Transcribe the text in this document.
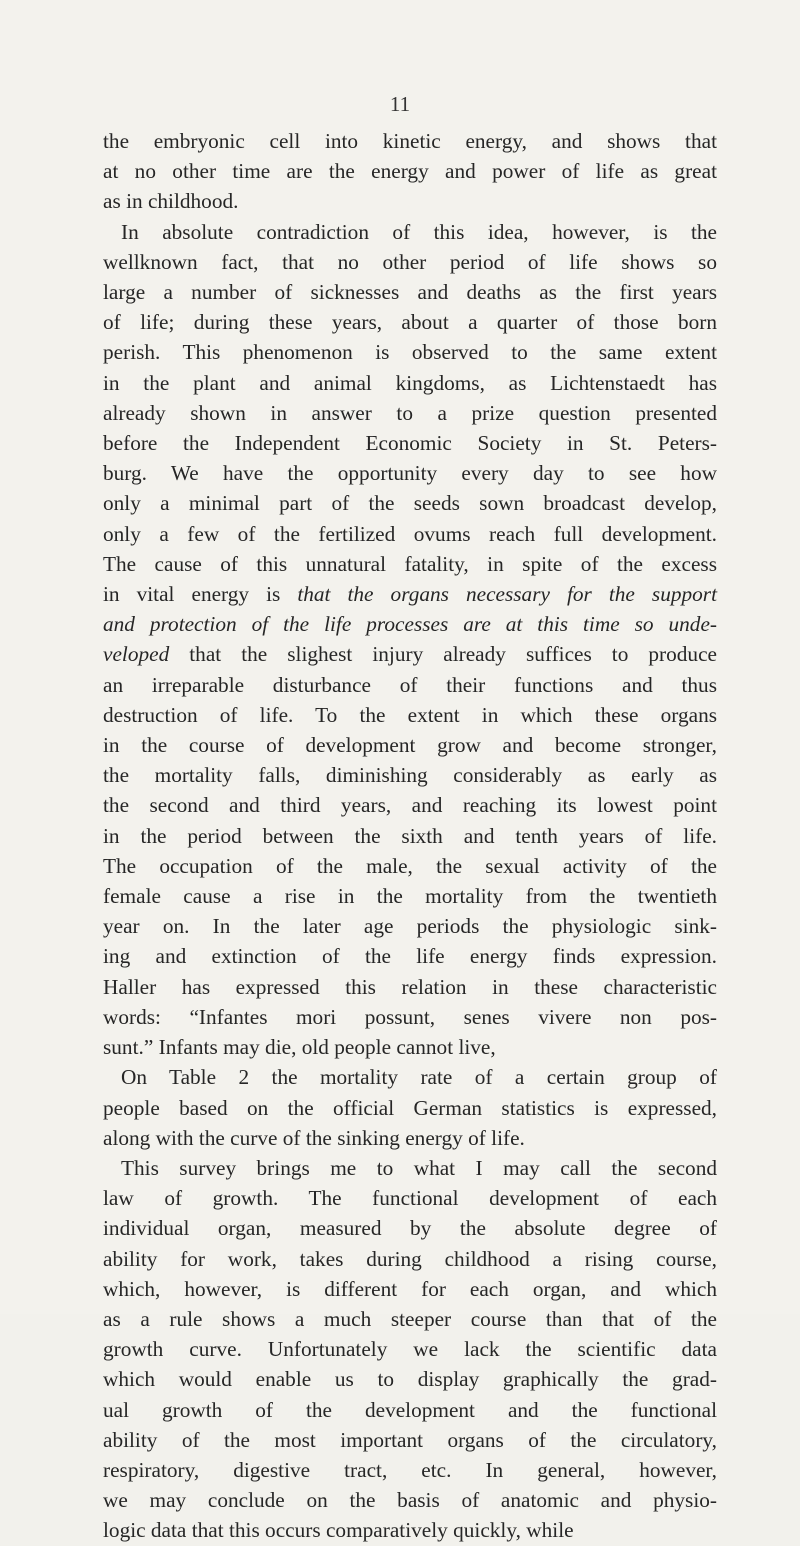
11
the embryonic cell into kinetic energy, and shows that
at no other time are the energy and power of life as great
as in childhood.
In absolute contradiction of this idea, however, is the
wellknown fact, that no other period of life shows so
large a number of sicknesses and deaths as the first years
of life; during these years, about a quarter of those born
perish. This phenomenon is observed to the same extent
in the plant and animal kingdoms, as Lichtenstaedt has
already shown in answer to a prize question presented
before the Independent Economic Society in St. Peters-
burg. We have the opportunity every day to see how
only a minimal part of the seeds sown broadcast develop,
only a few of the fertilized ovums reach full development.
The cause of this unnatural fatality, in spite of the excess
in vital energy is that the organs necessary for the support
and protection of the life processes are at this time so unde-
veloped that the slighest injury already suffices to produce
an irreparable disturbance of their functions and thus
destruction of life. To the extent in which these organs
in the course of development grow and become stronger,
the mortality falls, diminishing considerably as early as
the second and third years, and reaching its lowest point
in the period between the sixth and tenth years of life.
The occupation of the male, the sexual activity of the
female cause a rise in the mortality from the twentieth
year on. In the later age periods the physiologic sink-
ing and extinction of the life energy finds expression.
Haller has expressed this relation in these characteristic
words: “Infantes mori possunt, senes vivere non pos-
sunt.” Infants may die, old people cannot live,
On Table 2 the mortality rate of a certain group of
people based on the official German statistics is expressed,
along with the curve of the sinking energy of life.
This survey brings me to what I may call the second
law of growth. The functional development of each
individual organ, measured by the absolute degree of
ability for work, takes during childhood a rising course,
which, however, is different for each organ, and which
as a rule shows a much steeper course than that of the
growth curve. Unfortunately we lack the scientific data
which would enable us to display graphically the grad-
ual growth of the development and the functional
ability of the most important organs of the circulatory,
respiratory, digestive tract, etc. In general, however,
we may conclude on the basis of anatomic and physio-
logic data that this occurs comparatively quickly, while
